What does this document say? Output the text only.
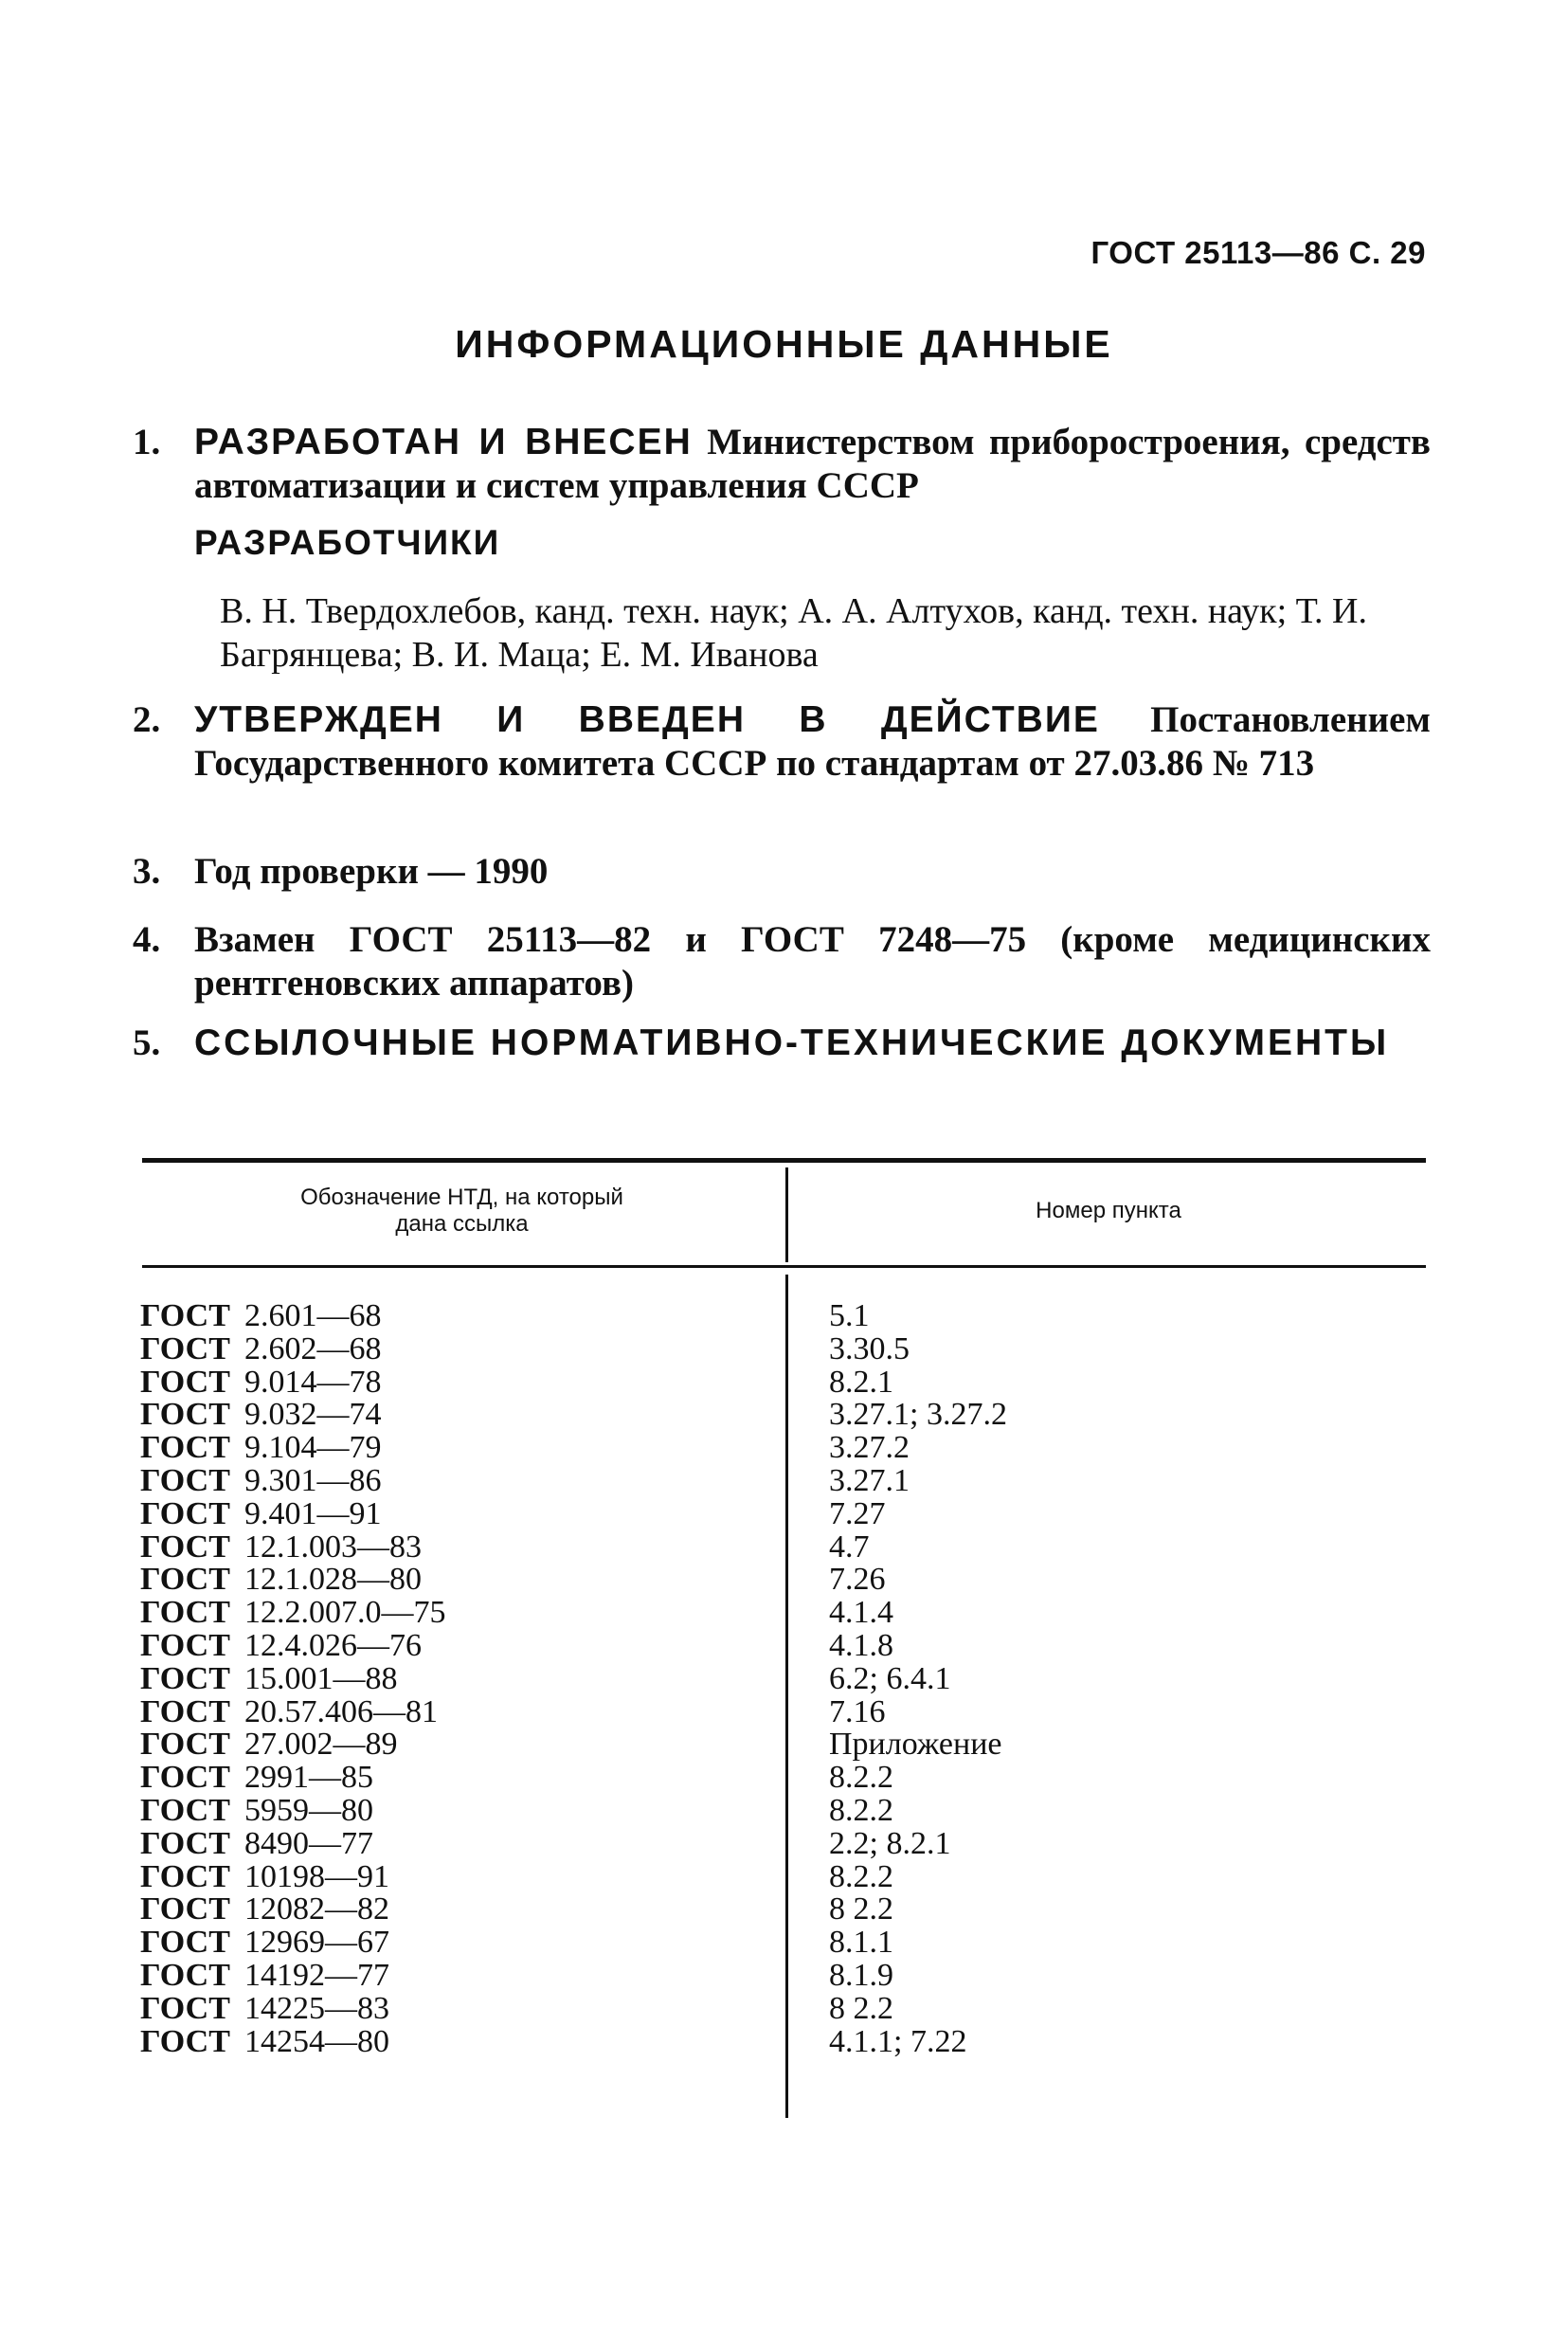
ГОСТ 25113—86 С. 29
ИНФОРМАЦИОННЫЕ ДАННЫЕ
1. РАЗРАБОТАН И ВНЕСЕН Министерством приборостроения, средств автоматизации и систем управления СССР
РАЗРАБОТЧИКИ
В. Н. Твердохлебов, канд. техн. наук; А. А. Алтухов, канд. техн. наук; Т. И. Багрянцева; В. И. Маца; Е. М. Иванова
2. УТВЕРЖДЕН И ВВЕДЕН В ДЕЙСТВИЕ Постановлением Государственного комитета СССР по стандартам от 27.03.86 № 713
3. Год проверки — 1990
4. Взамен ГОСТ 25113—82 и ГОСТ 7248—75 (кроме медицинских рентгеновских аппаратов)
5. ССЫЛОЧНЫЕ НОРМАТИВНО-ТЕХНИЧЕСКИЕ ДОКУМЕНТЫ
Обозначение НТД, на который
дана ссылка
Номер пункта
ГОСТ 2.601—68	5.1
ГОСТ 2.602—68	3.30.5
ГОСТ 9.014—78	8.2.1
ГОСТ 9.032—74	3.27.1; 3.27.2
ГОСТ 9.104—79	3.27.2
ГОСТ 9.301—86	3.27.1
ГОСТ 9.401—91	7.27
ГОСТ 12.1.003—83	4.7
ГОСТ 12.1.028—80	7.26
ГОСТ 12.2.007.0—75	4.1.4
ГОСТ 12.4.026—76	4.1.8
ГОСТ 15.001—88	6.2; 6.4.1
ГОСТ 20.57.406—81	7.16
ГОСТ 27.002—89	Приложение
ГОСТ 2991—85	8.2.2
ГОСТ 5959—80	8.2.2
ГОСТ 8490—77	2.2; 8.2.1
ГОСТ 10198—91	8.2.2
ГОСТ 12082—82	8 2.2
ГОСТ 12969—67	8.1.1
ГОСТ 14192—77	8.1.9
ГОСТ 14225—83	8 2.2
ГОСТ 14254—80	4.1.1; 7.22
